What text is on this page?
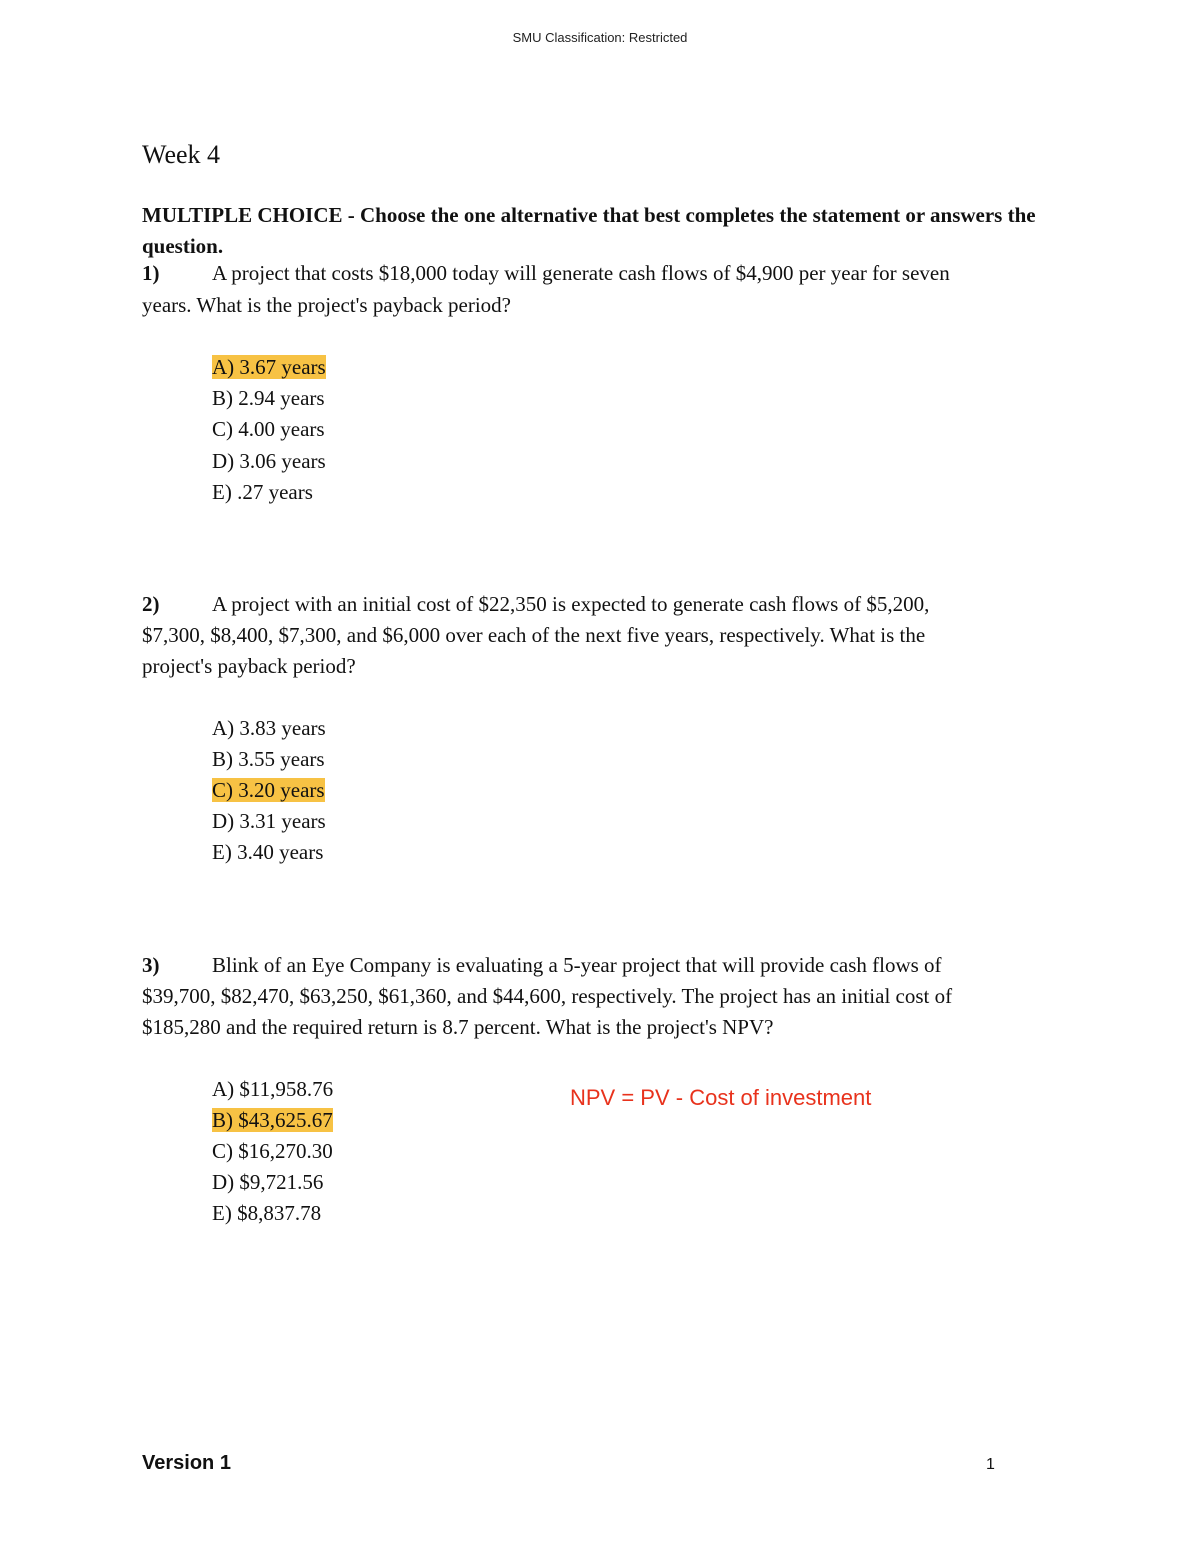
SMU Classification: Restricted
Week 4
MULTIPLE CHOICE - Choose the one alternative that best completes the statement or answers the question.
1)	A project that costs $18,000 today will generate cash flows of $4,900 per year for seven
years. What is the project's payback period?
A) 3.67 years
B) 2.94 years
C) 4.00 years
D) 3.06 years
E) .27 years
2)	A project with an initial cost of $22,350 is expected to generate cash flows of $5,200,
$7,300, $8,400, $7,300, and $6,000 over each of the next five years, respectively. What is the
project's payback period?
A) 3.83 years
B) 3.55 years
C) 3.20 years
D) 3.31 years
E) 3.40 years
3)	Blink of an Eye Company is evaluating a 5-year project that will provide cash flows of
$39,700, $82,470, $63,250, $61,360, and $44,600, respectively. The project has an initial cost of
$185,280 and the required return is 8.7 percent. What is the project's NPV?
A) $11,958.76
B) $43,625.67
C) $16,270.30
D) $9,721.56
E) $8,837.78
NPV = PV - Cost of investment
Version 1	1
